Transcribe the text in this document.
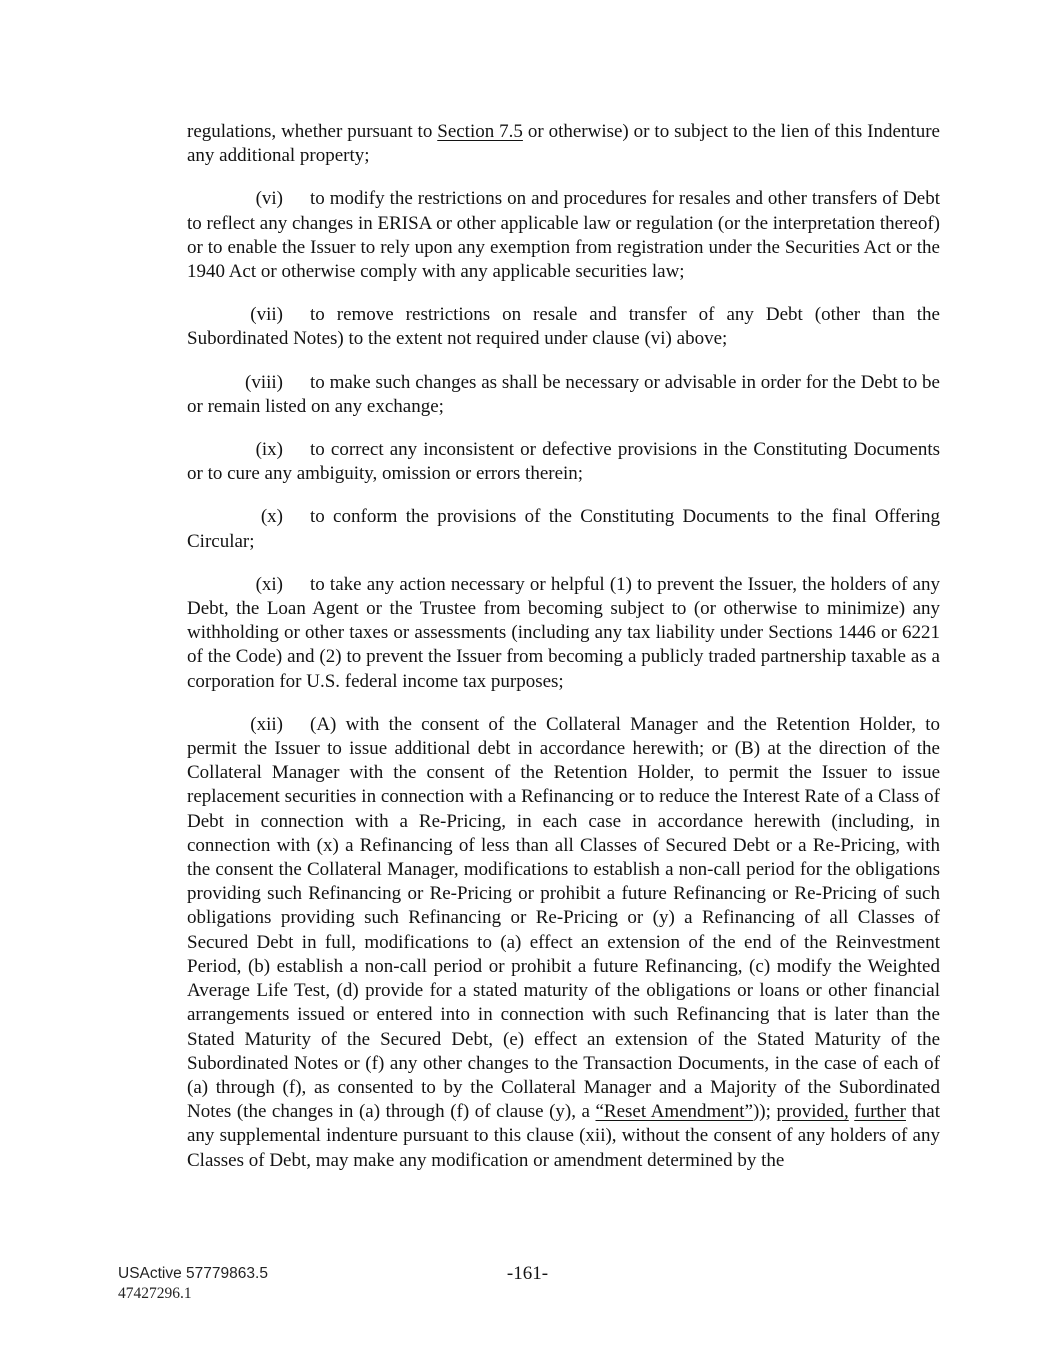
regulations, whether pursuant to Section 7.5 or otherwise) or to subject to the lien of this Indenture any additional property;

(vi) to modify the restrictions on and procedures for resales and other transfers of Debt to reflect any changes in ERISA or other applicable law or regulation (or the interpretation thereof) or to enable the Issuer to rely upon any exemption from registration under the Securities Act or the 1940 Act or otherwise comply with any applicable securities law;

(vii) to remove restrictions on resale and transfer of any Debt (other than the Subordinated Notes) to the extent not required under clause (vi) above;

(viii) to make such changes as shall be necessary or advisable in order for the Debt to be or remain listed on any exchange;

(ix) to correct any inconsistent or defective provisions in the Constituting Documents or to cure any ambiguity, omission or errors therein;

(x) to conform the provisions of the Constituting Documents to the final Offering Circular;

(xi) to take any action necessary or helpful (1) to prevent the Issuer, the holders of any Debt, the Loan Agent or the Trustee from becoming subject to (or otherwise to minimize) any withholding or other taxes or assessments (including any tax liability under Sections 1446 or 6221 of the Code) and (2) to prevent the Issuer from becoming a publicly traded partnership taxable as a corporation for U.S. federal income tax purposes;

(xii) (A) with the consent of the Collateral Manager and the Retention Holder, to permit the Issuer to issue additional debt in accordance herewith; or (B) at the direction of the Collateral Manager with the consent of the Retention Holder, to permit the Issuer to issue replacement securities in connection with a Refinancing or to reduce the Interest Rate of a Class of Debt in connection with a Re-Pricing, in each case in accordance herewith (including, in connection with (x) a Refinancing of less than all Classes of Secured Debt or a Re-Pricing, with the consent the Collateral Manager, modifications to establish a non-call period for the obligations providing such Refinancing or Re-Pricing or prohibit a future Refinancing or Re-Pricing of such obligations providing such Refinancing or Re-Pricing or (y) a Refinancing of all Classes of Secured Debt in full, modifications to (a) effect an extension of the end of the Reinvestment Period, (b) establish a non-call period or prohibit a future Refinancing, (c) modify the Weighted Average Life Test, (d) provide for a stated maturity of the obligations or loans or other financial arrangements issued or entered into in connection with such Refinancing that is later than the Stated Maturity of the Secured Debt, (e) effect an extension of the Stated Maturity of the Subordinated Notes or (f) any other changes to the Transaction Documents, in the case of each of (a) through (f), as consented to by the Collateral Manager and a Majority of the Subordinated Notes (the changes in (a) through (f) of clause (y), a “Reset Amendment”)); provided, further that any supplemental indenture pursuant to this clause (xii), without the consent of any holders of any Classes of Debt, may make any modification or amendment determined by the

USActive 57779863.5
47427296.1
-161-
